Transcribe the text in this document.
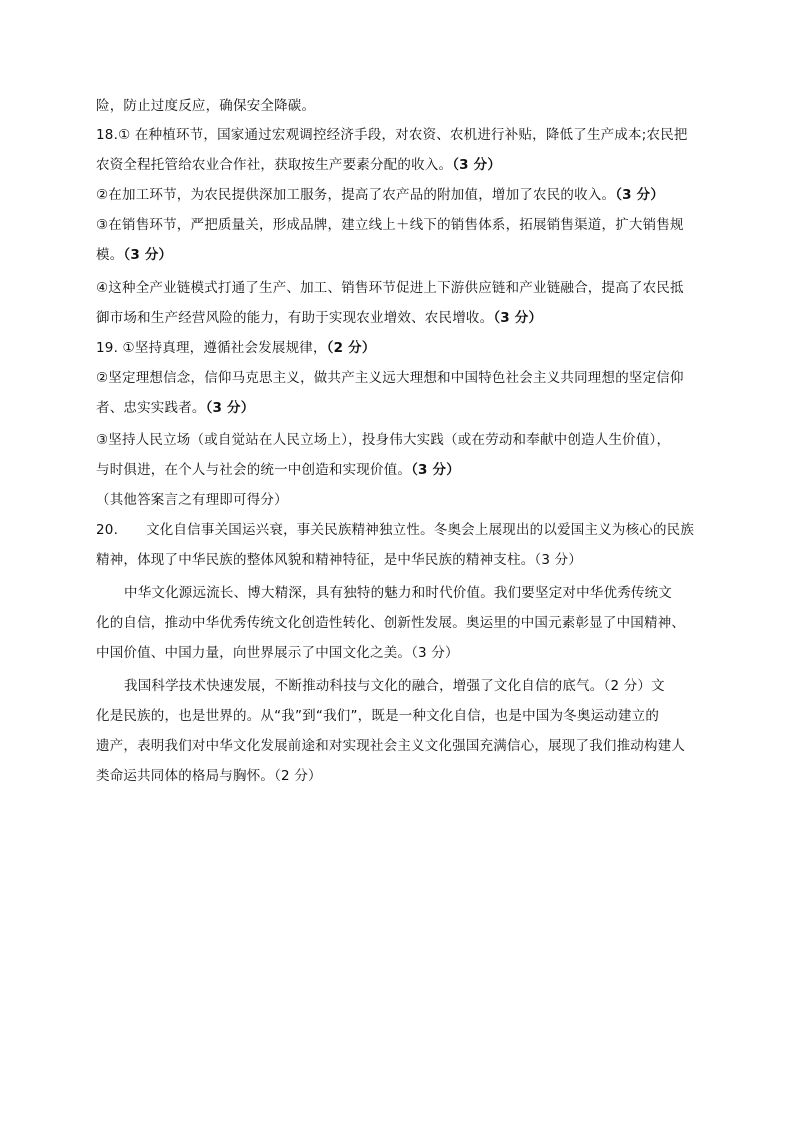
险，防止过度反应，确保安全降碳。
18.① 在种植环节，国家通过宏观调控经济手段，对农资、农机进行补贴，降低了生产成本;农民把
农资全程托管给农业合作社，获取按生产要素分配的收入。（3 分）
②在加工环节，为农民提供深加工服务，提高了农产品的附加值，增加了农民的收入。（3 分）
③在销售环节，严把质量关，形成品牌，建立线上＋线下的销售体系，拓展销售渠道，扩大销售规
模。（3 分）
④这种全产业链模式打通了生产、加工、销售环节促进上下游供应链和产业链融合，提高了农民抵
御市场和生产经营风险的能力，有助于实现农业增效、农民增收。（3 分）
19. ①坚持真理，遵循社会发展规律，（2 分）
②坚定理想信念，信仰马克思主义，做共产主义远大理想和中国特色社会主义共同理想的坚定信仰
者、忠实实践者。（3 分）
③坚持人民立场（或自觉站在人民立场上），投身伟大实践（或在劳动和奉献中创造人生价值），
与时俱进，在个人与社会的统一中创造和实现价值。（3 分）
（其他答案言之有理即可得分）
20. 文化自信事关国运兴衰，事关民族精神独立性。冬奥会上展现出的以爱国主义为核心的民族
精神，体现了中华民族的整体风貌和精神特征，是中华民族的精神支柱。（3 分）
中华文化源远流长、博大精深，具有独特的魅力和时代价值。我们要坚定对中华优秀传统文
化的自信，推动中华优秀传统文化创造性转化、创新性发展。奥运里的中国元素彰显了中国精神、
中国价值、中国力量，向世界展示了中国文化之美。（3 分）
我国科学技术快速发展，不断推动科技与文化的融合，增强了文化自信的底气。（2 分）文
化是民族的，也是世界的。从“我”到“我们”，既是一种文化自信，也是中国为冬奥运动建立的
遗产，表明我们对中华文化发展前途和对实现社会主义文化强国充满信心，展现了我们推动构建人
类命运共同体的格局与胸怀。（2 分）
